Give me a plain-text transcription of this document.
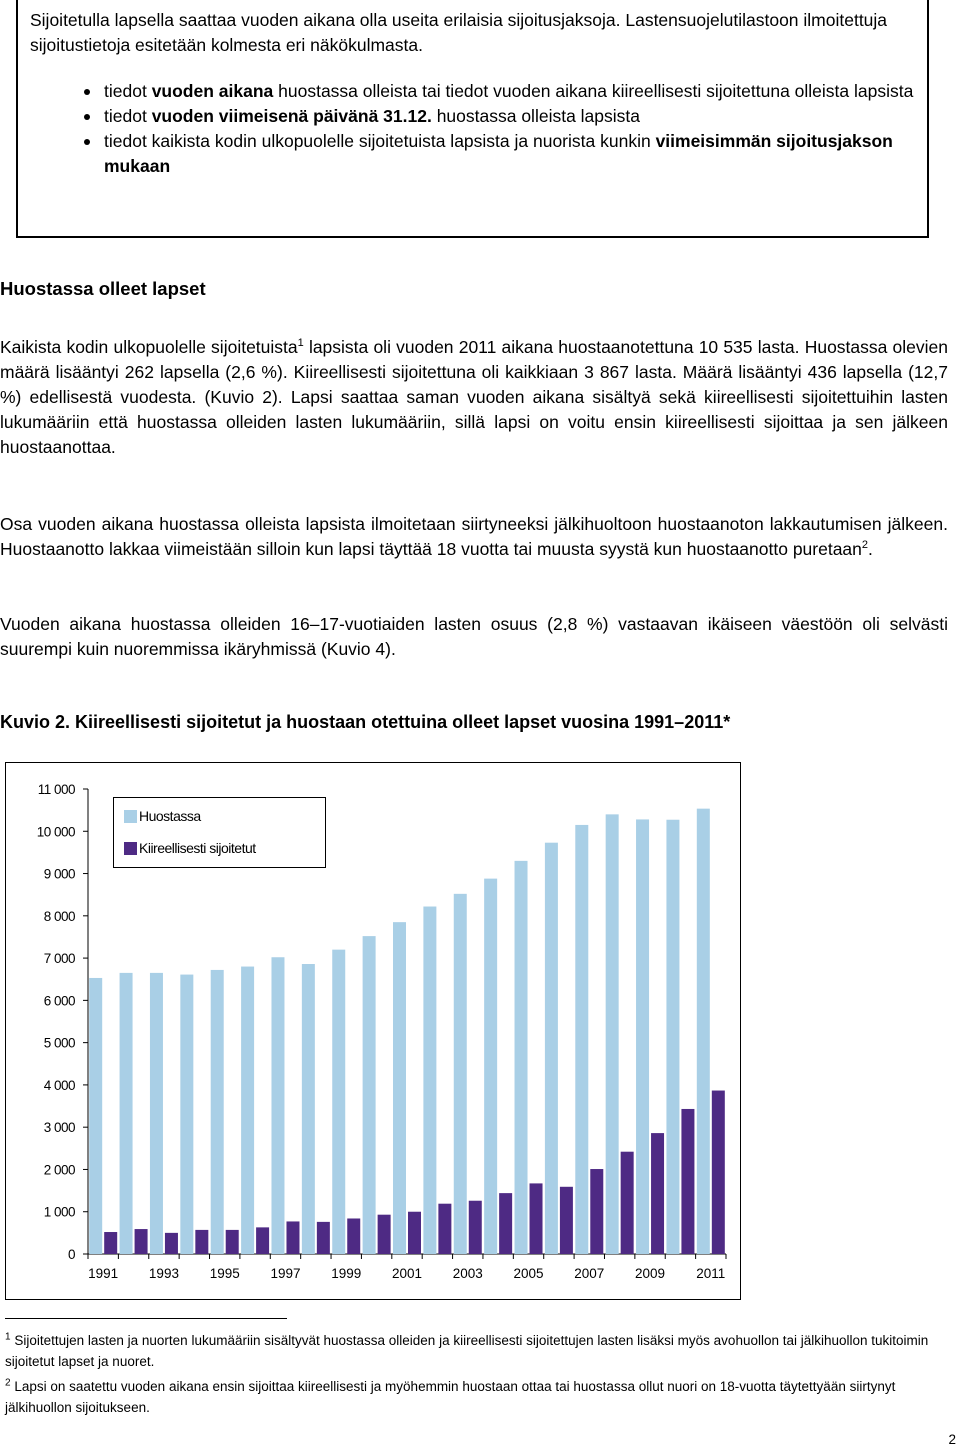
Sijoitetulla lapsella saattaa vuoden aikana olla useita erilaisia sijoitusjaksoja. Lastensuojelutilastoon ilmoitettuja sijoitustietoja esitetään kolmesta eri näkökulmasta.

tiedot vuoden aikana huostassa olleista tai tiedot vuoden aikana kiireellisesti sijoitettuna olleista lapsista
tiedot vuoden viimeisenä päivänä 31.12. huostassa olleista lapsista
tiedot kaikista kodin ulkopuolelle sijoitetuista lapsista ja nuorista kunkin viimeisimmän sijoitusjakson mukaan
Huostassa olleet lapset

Kaikista kodin ulkopuolelle sijoitetuista$^1$ lapsista oli vuoden 2011 aikana huostaanotettuna 10 535 lasta. Huostassa olevien määrä lisääntyi 262 lapsella (2,6 %). Kiireellisesti sijoitettuna oli kaikkiaan 3 867 lasta. Määrä lisääntyi 436 lapsella (12,7 %) edellisestä vuodesta. (Kuvio 2). Lapsi saattaa saman vuoden aikana sisältyä sekä kiireellisesti sijoitettuihin lasten lukumääriin että huostassa olleiden lasten lukumääriin, sillä lapsi on voitu ensin kiireellisesti sijoittaa ja sen jälkeen huostaanottaa.

Osa vuoden aikana huostassa olleista lapsista ilmoitetaan siirtyneeksi jälkihuoltoon huostaanoton lakkautumisen jälkeen. Huostaanotto lakkaa viimeistään silloin kun lapsi täyttää 18 vuotta tai muusta syystä kun huostaanotto puretaan$^2$.

Vuoden aikana huostassa olleiden 16–17-vuotiaiden lasten osuus (2,8 %) vastaavan ikäiseen väestöön oli selvästi suurempi kuin nuoremmissa ikäryhmissä (Kuvio 4).

Kuvio 2. Kiireellisesti sijoitetut ja huostaan otettuina olleet lapset vuosina 1991–2011*

0
1 000
2 000
3 000
4 000
5 000
6 000
7 000
8 000
9 000
10 000
11 000
1991 1993 1995 1997 1999 2001 2003 2005 2007 2009 2011
Huostassa
Kiireellisesti sijoitetut

$^1$ Sijoitettujen lasten ja nuorten lukumääriin sisältyvät huostassa olleiden ja kiireellisesti sijoitettujen lasten lisäksi myös avohuollon tai jälkihuollon tukitoimin sijoitetut lapset ja nuoret.

$^2$ Lapsi on saatettu vuoden aikana ensin sijoittaa kiireellisesti ja myöhemmin huostaan ottaa tai huostassa ollut nuori on 18-vuotta täytettyään siirtynyt jälkihuollon sijoitukseen.

2
